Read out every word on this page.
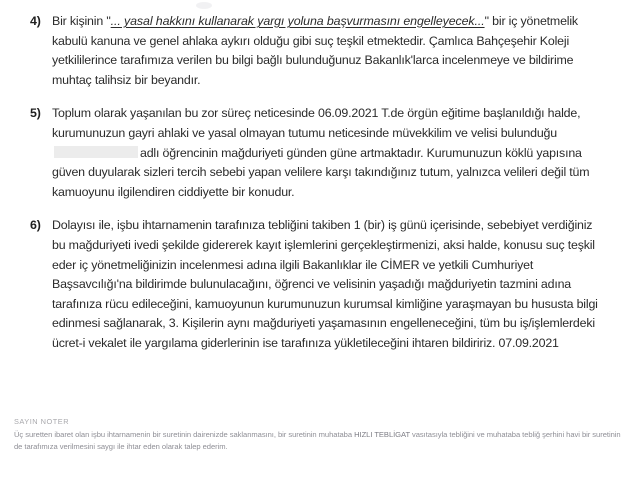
4) Bir kişinin ''... yasal hakkını kullanarak yargı yoluna başvurmasını engelleyecek...'' bir iç yönetmelik kabulü kanuna ve genel ahlaka aykırı olduğu gibi suç teşkil etmektedir. Çamlıca Bahçeşehir Koleji yetkililerince tarafımıza verilen bu bilgi bağlı bulunduğunuz Bakanlık'larca incelenmeye ve bildirime muhtaç talihsiz bir beyandır.
5) Toplum olarak yaşanılan bu zor süreç neticesinde 06.09.2021 T.de örgün eğitime başlanıldığı halde, kurumunuzun gayri ahlaki ve yasal olmayan tutumu neticesinde müvekkilim ve velisi bulunduğuadlı öğrencinin mağduriyeti günden güne artmaktadır. Kurumunuzun köklü yapısına güven duyularak sizleri tercih sebebi yapan velilere karşı takındığınız tutum, yalnızca velileri değil tüm kamuoyunu ilgilendiren ciddiyette bir konudur.
6) Dolayısı ile, işbu ihtarnamenin tarafınıza tebliğini takiben 1 (bir) iş günü içerisinde, sebebiyet verdiğiniz bu mağduriyeti ivedi şekilde gidererek kayıt işlemlerini gerçekleştirmenizi, aksi halde, konusu suç teşkil eder iç yönetmeliğinizin incelenmesi adına ilgili Bakanlıklar ile CİMER ve yetkili Cumhuriyet Başsavcılığı'na bildirimde bulunulacağını, öğrenci ve velisinin yaşadığı mağduriyetin tazmini adına tarafınıza rücu edileceğini, kamuoyunun kurumunuzun kurumsal kimliğine yaraşmayan bu hususta bilgi edinmesi sağlanarak, 3. Kişilerin aynı mağduriyeti yaşamasının engelleneceğini, tüm bu iş/işlemlerdeki ücret-i vekalet ile yargılama giderlerinin ise tarafınıza yükletileceğini ihtaren bildiririz. 07.09.2021
SAYIN NOTER
Üç suretten ibaret olan işbu ihtarnamenin bir suretinin dairenizde saklanmasını, bir suretinin muhataba HIZLI TEBLİGAT vasıtasıyla tebliğini ve muhataba tebliğ şerhini havi bir suretinin de tarafımıza verilmesini saygı ile ihtar eden olarak talep ederim.
